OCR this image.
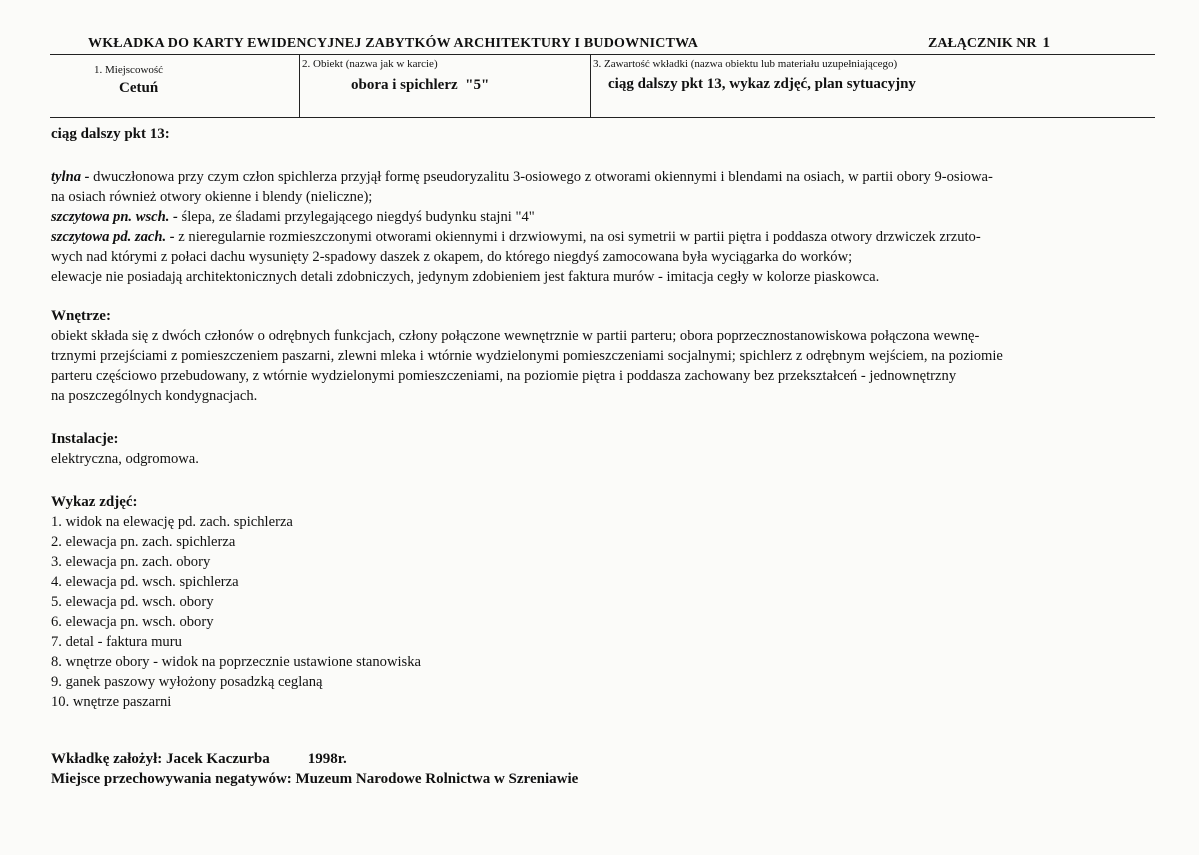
WKŁADKA DO KARTY EWIDENCYJNEJ ZABYTKÓW ARCHITEKTURY I BUDOWNICTWA	ZAŁĄCZNIK NR 1
1. Miejscowość
Cetuń
2. Obiekt (nazwa jak w karcie)
obora i spichlerz  "5"
3. Zawartość wkładki (nazwa obiektu lub materiału uzupełniającego)
ciąg dalszy pkt 13, wykaz zdjęć, plan sytuacyjny

ciąg dalszy pkt 13:

tylna - dwuczłonowa przy czym człon spichlerza przyjął formę pseudoryzalitu 3-osiowego z otworami okiennymi i blendami na osiach, w partii obory 9-osiowa-

na osiach również otwory okienne i blendy (nieliczne);

szczytowa pn. wsch. - ślepa, ze śladami przylegającego niegdyś budynku stajni "4"

szczytowa pd. zach. - z nieregularnie rozmieszczonymi otworami okiennymi i drzwiowymi, na osi symetrii w partii piętra i poddasza otwory drzwiczek zrzuto-

wych nad którymi z połaci dachu wysunięty 2-spadowy daszek z okapem, do którego niegdyś zamocowana była wyciągarka do worków;

elewacje nie posiadają architektonicznych detali zdobniczych, jedynym zdobieniem jest faktura murów - imitacja cegły w kolorze piaskowca.

Wnętrze:

obiekt składa się z dwóch członów o odrębnych funkcjach, człony połączone wewnętrznie w partii parteru; obora poprzecznostanowiskowa połączona wewnę-

trznymi przejściami z pomieszczeniem paszarni, zlewni mleka i wtórnie wydzielonymi pomieszczeniami socjalnymi; spichlerz z odrębnym wejściem, na poziomie

parteru częściowo przebudowany, z wtórnie wydzielonymi pomieszczeniami, na poziomie piętra i poddasza zachowany bez przekształceń - jednownętrzny

na poszczególnych kondygnacjach.

Instalacje:

elektryczna, odgromowa.

Wykaz zdjęć:

1. widok na elewację pd. zach. spichlerza

2. elewacja pn. zach. spichlerza

3. elewacja pn. zach. obory

4. elewacja pd. wsch. spichlerza

5. elewacja pd. wsch. obory

6. elewacja pn. wsch. obory

7. detal - faktura muru

8. wnętrze obory - widok na poprzecznie ustawione stanowiska

9. ganek paszowy wyłożony posadzką ceglaną

10. wnętrze paszarni

Wkładkę założył: Jacek Kaczurba	1998r.

Miejsce przechowywania negatywów: Muzeum Narodowe Rolnictwa w Szreniawie
